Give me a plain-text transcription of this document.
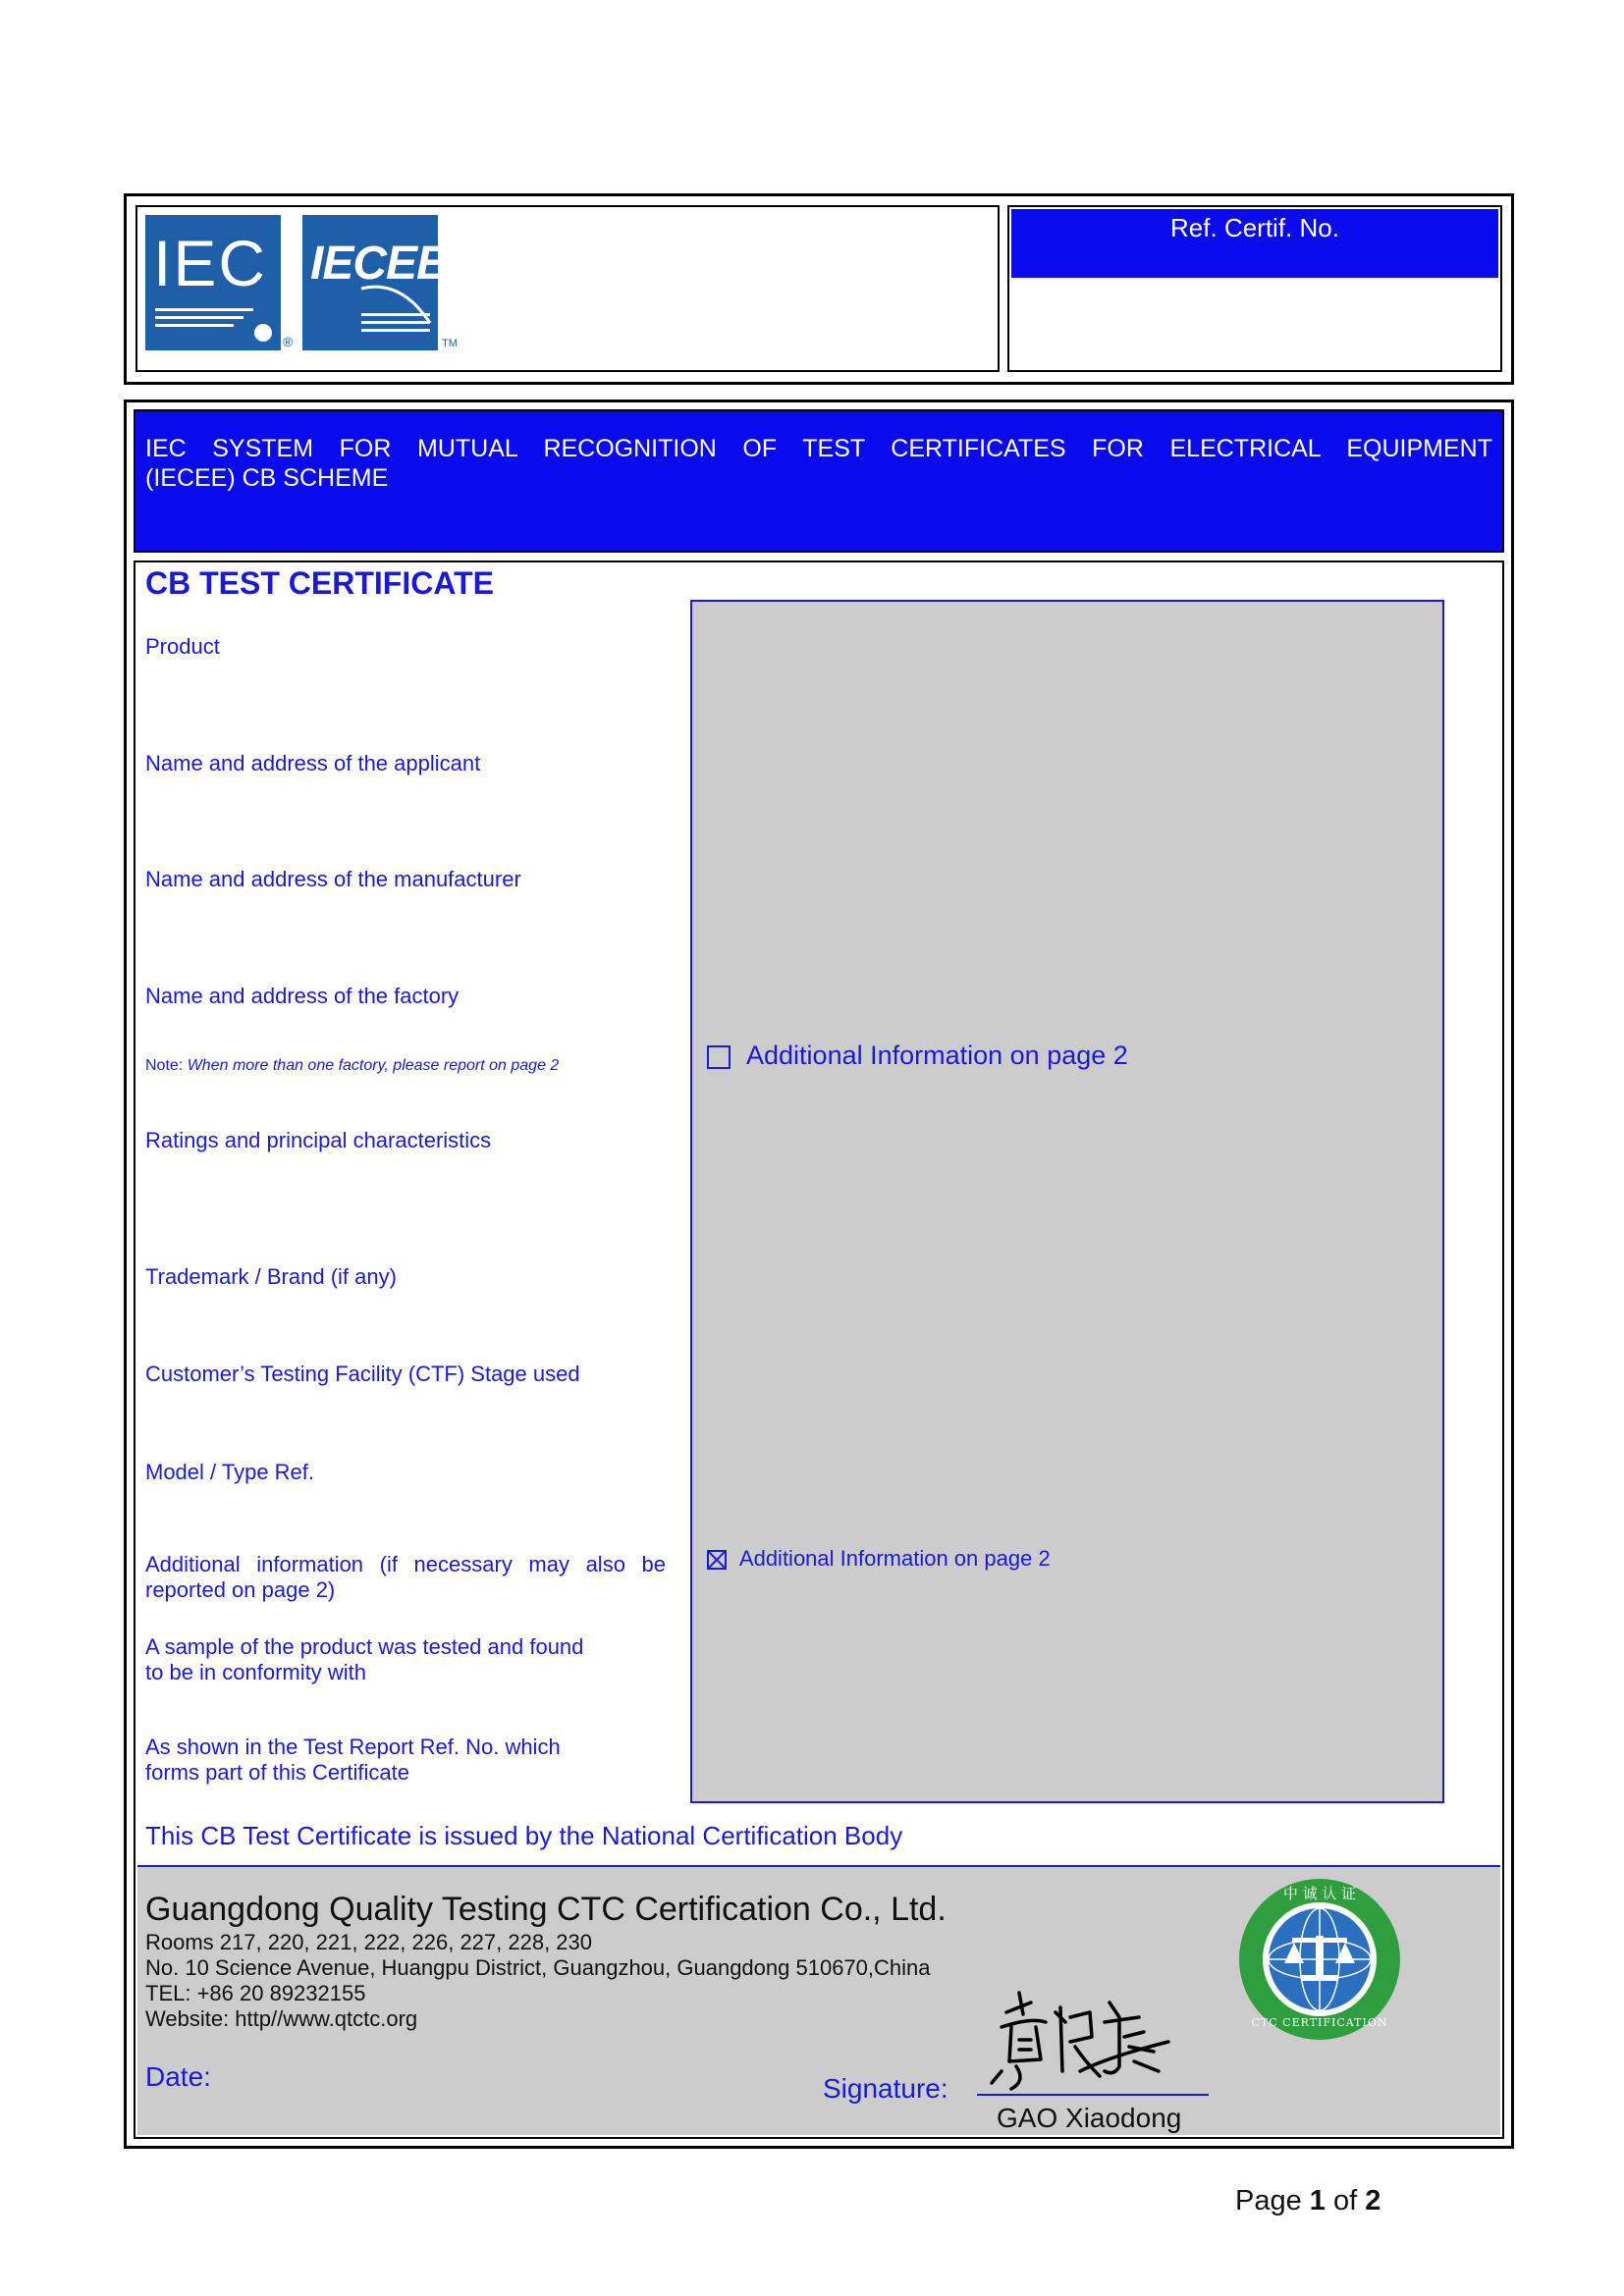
IEC
®
IECEE
TM
Ref. Certif. No.
IEC SYSTEM FOR MUTUAL RECOGNITION OF TEST CERTIFICATES FOR ELECTRICAL EQUIPMENT
(IECEE) CB SCHEME
CB TEST CERTIFICATE
Product
Name and address of the applicant
Name and address of the manufacturer
Name and address of the factory
Note: When more than one factory, please report on page 2
Ratings and principal characteristics
Trademark / Brand (if any)
Customer’s Testing Facility (CTF) Stage used
Model / Type Ref.
Additional information (if necessary may also be
reported on page 2)
A sample of the product was tested and found
to be in conformity with
As shown in the Test Report Ref. No. which
forms part of this Certificate
Additional Information on page 2
Additional Information on page 2
This CB Test Certificate is issued by the National Certification Body
Guangdong Quality Testing CTC Certification Co., Ltd.
Rooms 217, 220, 221, 222, 226, 227, 228, 230
No. 10 Science Avenue, Huangpu District, Guangzhou, Guangdong 510670,China
TEL: +86 20 89232155
Website: http//www.qtctc.org
Date:	Signature:
GAO Xiaodong
中 诚 认 证
CTC CERTIFICATION
Page 1 of 2
